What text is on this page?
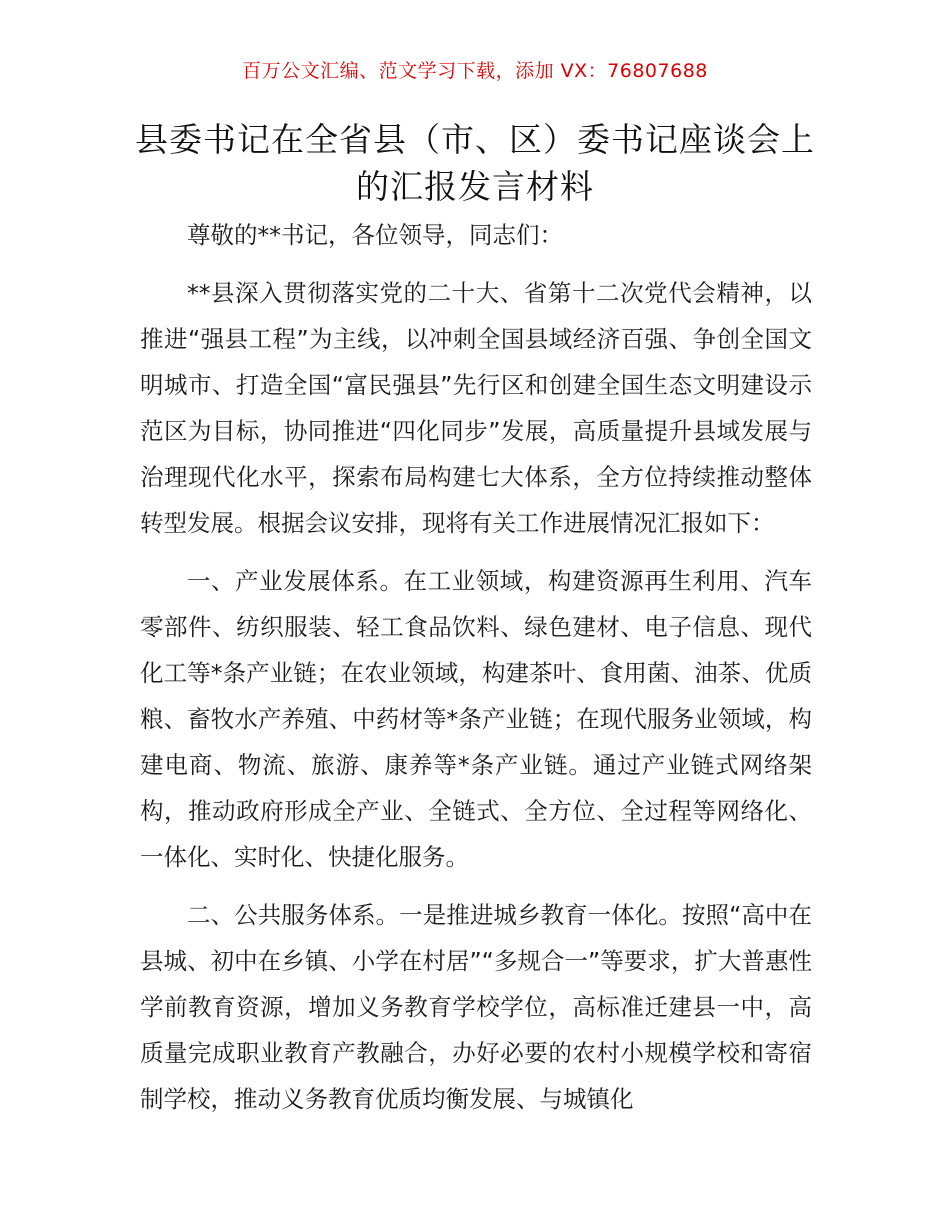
百万公文汇编、范文学习下载，添加 VX：76807688
县委书记在全省县（市、区）委书记座谈会上
的汇报发言材料

尊敬的**书记，各位领导，同志们：

**县深入贯彻落实党的二十大、省第十二次党代会精神，以推进“强县工程”为主线，以冲刺全国县域经济百强、争创全国文明城市、打造全国“富民强县”先行区和创建全国生态文明建设示范区为目标，协同推进“四化同步”发展，高质量提升县域发展与治理现代化水平，探索布局构建七大体系，全方位持续推动整体转型发展。根据会议安排，现将有关工作进展情况汇报如下：

一、产业发展体系。在工业领域，构建资源再生利用、汽车零部件、纺织服装、轻工食品饮料、绿色建材、电子信息、现代化工等*条产业链；在农业领域，构建茶叶、食用菌、油茶、优质粮、畜牧水产养殖、中药材等*条产业链；在现代服务业领域，构建电商、物流、旅游、康养等*条产业链。通过产业链式网络架构，推动政府形成全产业、全链式、全方位、全过程等网络化、一体化、实时化、快捷化服务。

二、公共服务体系。一是推进城乡教育一体化。按照“高中在县城、初中在乡镇、小学在村居”“多规合一”等要求，扩大普惠性学前教育资源，增加义务教育学校学位，高标准迁建县一中，高质量完成职业教育产教融合，办好必要的农村小规模学校和寄宿制学校，推动义务教育优质均衡发展、与城镇化
